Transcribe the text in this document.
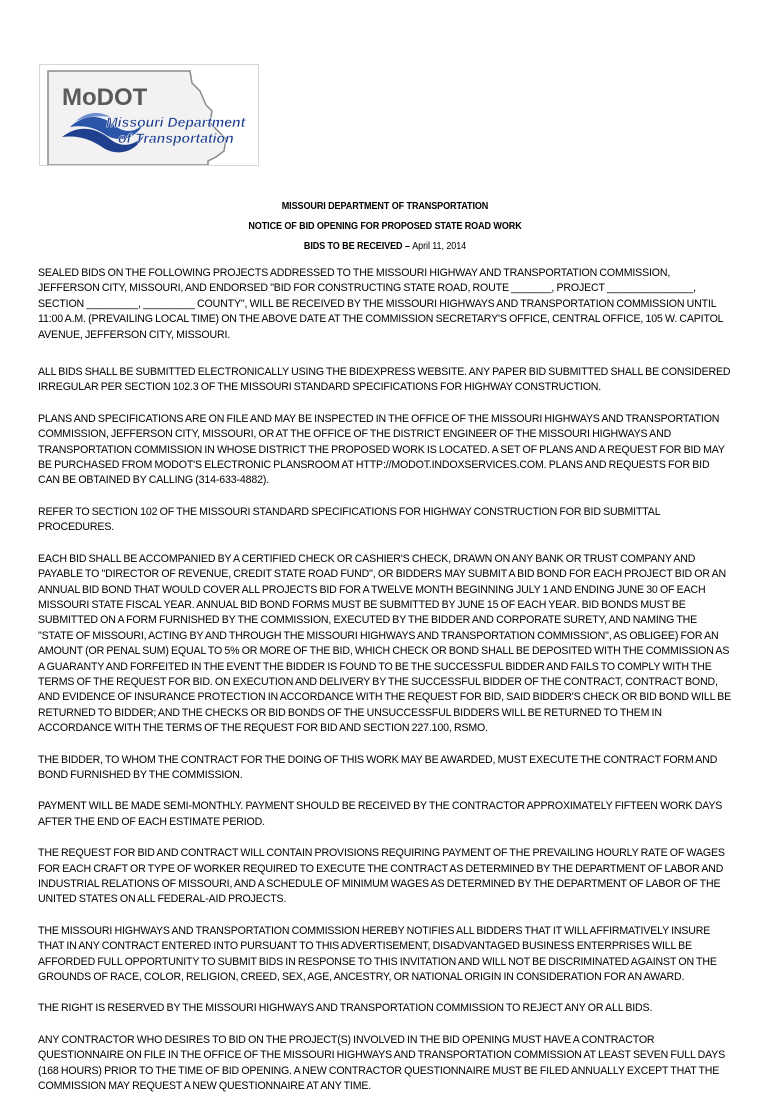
MoDOT
Missouri Department
of Transportation
MISSOURI DEPARTMENT OF TRANSPORTATION
NOTICE OF BID OPENING FOR PROPOSED STATE ROAD WORK
BIDS TO BE RECEIVED – April 11, 2014

SEALED BIDS ON THE FOLLOWING PROJECTS ADDRESSED TO THE MISSOURI HIGHWAY AND TRANSPORTATION COMMISSION, JEFFERSON CITY, MISSOURI, AND ENDORSED "BID FOR CONSTRUCTING STATE ROAD, ROUTE _______, PROJECT _______________, SECTION _________, _________ COUNTY", WILL BE RECEIVED BY THE MISSOURI HIGHWAYS AND TRANSPORTATION COMMISSION UNTIL 11:00 A.M. (PREVAILING LOCAL TIME) ON THE ABOVE DATE AT THE COMMISSION SECRETARY'S OFFICE, CENTRAL OFFICE, 105 W. CAPITOL AVENUE, JEFFERSON CITY, MISSOURI.

ALL BIDS SHALL BE SUBMITTED ELECTRONICALLY USING THE BIDEXPRESS WEBSITE. ANY PAPER BID SUBMITTED SHALL BE CONSIDERED IRREGULAR PER SECTION 102.3 OF THE MISSOURI STANDARD SPECIFICATIONS FOR HIGHWAY CONSTRUCTION.

PLANS AND SPECIFICATIONS ARE ON FILE AND MAY BE INSPECTED IN THE OFFICE OF THE MISSOURI HIGHWAYS AND TRANSPORTATION COMMISSION, JEFFERSON CITY, MISSOURI, OR AT THE OFFICE OF THE DISTRICT ENGINEER OF THE MISSOURI HIGHWAYS AND TRANSPORTATION COMMISSION IN WHOSE DISTRICT THE PROPOSED WORK IS LOCATED. A SET OF PLANS AND A REQUEST FOR BID MAY BE PURCHASED FROM MODOT'S ELECTRONIC PLANSROOM AT HTTP://MODOT.INDOXSERVICES.COM. PLANS AND REQUESTS FOR BID CAN BE OBTAINED BY CALLING (314-633-4882).

REFER TO SECTION 102 OF THE MISSOURI STANDARD SPECIFICATIONS FOR HIGHWAY CONSTRUCTION FOR BID SUBMITTAL PROCEDURES.

EACH BID SHALL BE ACCOMPANIED BY A CERTIFIED CHECK OR CASHIER'S CHECK, DRAWN ON ANY BANK OR TRUST COMPANY AND PAYABLE TO "DIRECTOR OF REVENUE, CREDIT STATE ROAD FUND", OR BIDDERS MAY SUBMIT A BID BOND FOR EACH PROJECT BID OR AN ANNUAL BID BOND THAT WOULD COVER ALL PROJECTS BID FOR A TWELVE MONTH BEGINNING JULY 1 AND ENDING JUNE 30 OF EACH MISSOURI STATE FISCAL YEAR. ANNUAL BID BOND FORMS MUST BE SUBMITTED BY JUNE 15 OF EACH YEAR. BID BONDS MUST BE SUBMITTED ON A FORM FURNISHED BY THE COMMISSION, EXECUTED BY THE BIDDER AND CORPORATE SURETY, AND NAMING THE "STATE OF MISSOURI, ACTING BY AND THROUGH THE MISSOURI HIGHWAYS AND TRANSPORTATION COMMISSION", AS OBLIGEE) FOR AN AMOUNT (OR PENAL SUM) EQUAL TO 5% OR MORE OF THE BID, WHICH CHECK OR BOND SHALL BE DEPOSITED WITH THE COMMISSION AS A GUARANTY AND FORFEITED IN THE EVENT THE BIDDER IS FOUND TO BE THE SUCCESSFUL BIDDER AND FAILS TO COMPLY WITH THE TERMS OF THE REQUEST FOR BID. ON EXECUTION AND DELIVERY BY THE SUCCESSFUL BIDDER OF THE CONTRACT, CONTRACT BOND, AND EVIDENCE OF INSURANCE PROTECTION IN ACCORDANCE WITH THE REQUEST FOR BID, SAID BIDDER'S CHECK OR BID BOND WILL BE RETURNED TO BIDDER; AND THE CHECKS OR BID BONDS OF THE UNSUCCESSFUL BIDDERS WILL BE RETURNED TO THEM IN ACCORDANCE WITH THE TERMS OF THE REQUEST FOR BID AND SECTION 227.100, RSMO.

THE BIDDER, TO WHOM THE CONTRACT FOR THE DOING OF THIS WORK MAY BE AWARDED, MUST EXECUTE THE CONTRACT FORM AND BOND FURNISHED BY THE COMMISSION.

PAYMENT WILL BE MADE SEMI-MONTHLY. PAYMENT SHOULD BE RECEIVED BY THE CONTRACTOR APPROXIMATELY FIFTEEN WORK DAYS AFTER THE END OF EACH ESTIMATE PERIOD.

THE REQUEST FOR BID AND CONTRACT WILL CONTAIN PROVISIONS REQUIRING PAYMENT OF THE PREVAILING HOURLY RATE OF WAGES FOR EACH CRAFT OR TYPE OF WORKER REQUIRED TO EXECUTE THE CONTRACT AS DETERMINED BY THE DEPARTMENT OF LABOR AND INDUSTRIAL RELATIONS OF MISSOURI, AND A SCHEDULE OF MINIMUM WAGES AS DETERMINED BY THE DEPARTMENT OF LABOR OF THE UNITED STATES ON ALL FEDERAL-AID PROJECTS.

THE MISSOURI HIGHWAYS AND TRANSPORTATION COMMISSION HEREBY NOTIFIES ALL BIDDERS THAT IT WILL AFFIRMATIVELY INSURE THAT IN ANY CONTRACT ENTERED INTO PURSUANT TO THIS ADVERTISEMENT, DISADVANTAGED BUSINESS ENTERPRISES WILL BE AFFORDED FULL OPPORTUNITY TO SUBMIT BIDS IN RESPONSE TO THIS INVITATION AND WILL NOT BE DISCRIMINATED AGAINST ON THE GROUNDS OF RACE, COLOR, RELIGION, CREED, SEX, AGE, ANCESTRY, OR NATIONAL ORIGIN IN CONSIDERATION FOR AN AWARD.

THE RIGHT IS RESERVED BY THE MISSOURI HIGHWAYS AND TRANSPORTATION COMMISSION TO REJECT ANY OR ALL BIDS.

ANY CONTRACTOR WHO DESIRES TO BID ON THE PROJECT(S) INVOLVED IN THE BID OPENING MUST HAVE A CONTRACTOR QUESTIONNAIRE ON FILE IN THE OFFICE OF THE MISSOURI HIGHWAYS AND TRANSPORTATION COMMISSION AT LEAST SEVEN FULL DAYS (168 HOURS) PRIOR TO THE TIME OF BID OPENING. A NEW CONTRACTOR QUESTIONNAIRE MUST BE FILED ANNUALLY EXCEPT THAT THE COMMISSION MAY REQUEST A NEW QUESTIONNAIRE AT ANY TIME.
